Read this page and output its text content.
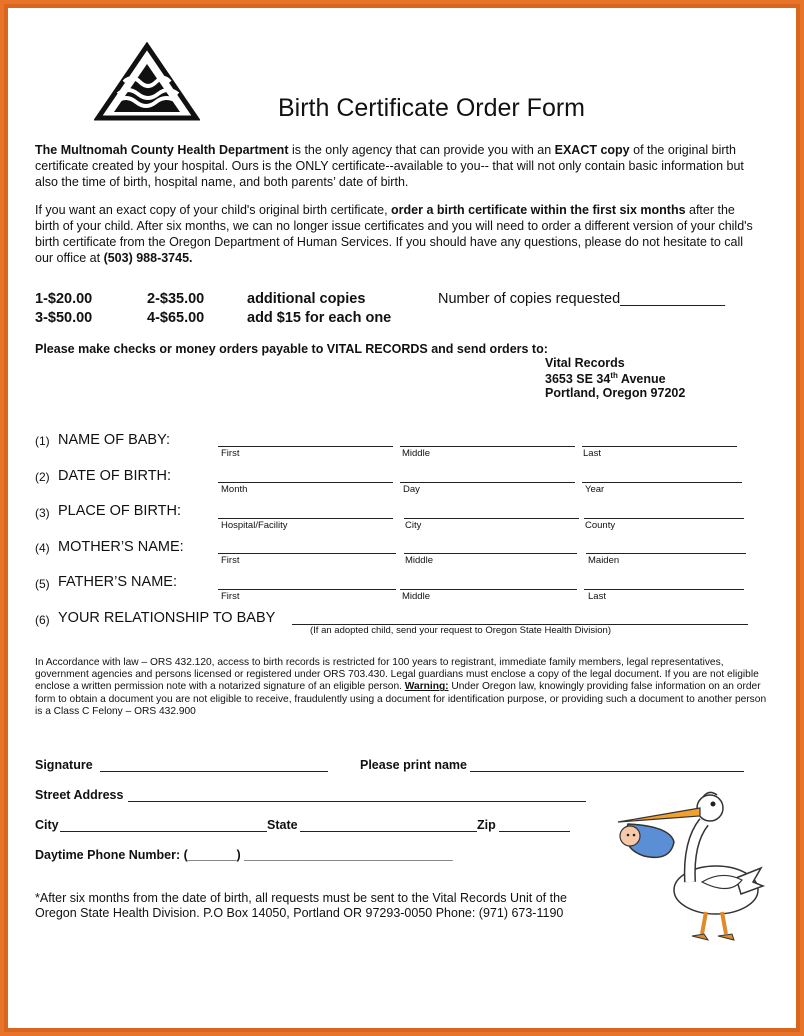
Birth Certificate Order Form
The Multnomah County Health Department is the only agency that can provide you with an EXACT copy of the original birth certificate created by your hospital. Ours is the ONLY certificate--available to you-- that will not only contain basic information but also the time of birth, hospital name, and both parents’ date of birth.
If you want an exact copy of your child's original birth certificate, order a birth certificate within the first six months after the birth of your child. After six months, we can no longer issue certificates and you will need to order a different version of your child's birth certificate from the Oregon Department of Human Services. If you should have any questions, please do not hesitate to call our office at (503) 988-3745.
1-$20.00	2-$35.00	additional copies
3-$50.00	4-$65.00	add $15 for each one
Number of copies requested_____________
Please make checks or money orders payable to VITAL RECORDS and send orders to:
Vital Records
3653 SE 34th Avenue
Portland, Oregon 97202
(1) NAME OF BABY:
First	Middle	Last
(2) DATE OF BIRTH:
Month	Day	Year
(3) PLACE OF BIRTH:
Hospital/Facility	City	County
(4) MOTHER’S NAME:
First	Middle	Maiden
(5) FATHER’S NAME:
First	Middle	Last
(6) YOUR RELATIONSHIP TO BABY
(If an adopted child, send your request to Oregon State Health Division)
In Accordance with law – ORS 432.120, access to birth records is restricted for 100 years to registrant, immediate family members, legal representatives, government agencies and persons licensed or registered under ORS 703.430. Legal guardians must enclose a copy of the legal document. If you are not eligible enclose a written permission note with a notarized signature of an eligible person. Warning: Under Oregon law, knowingly providing false information on an order form to obtain a document you are not eligible to receive, fraudulently using a document for identification purpose, or providing such a document to another person is a Class C Felony – ORS 432.900
Signature	Please print name
Street Address
City	State	Zip
Daytime Phone Number: (_______) ______________________________
*After six months from the date of birth, all requests must be sent to the Vital Records Unit of the
Oregon State Health Division. P.O Box 14050, Portland OR 97293-0050 Phone: (971) 673-1190
